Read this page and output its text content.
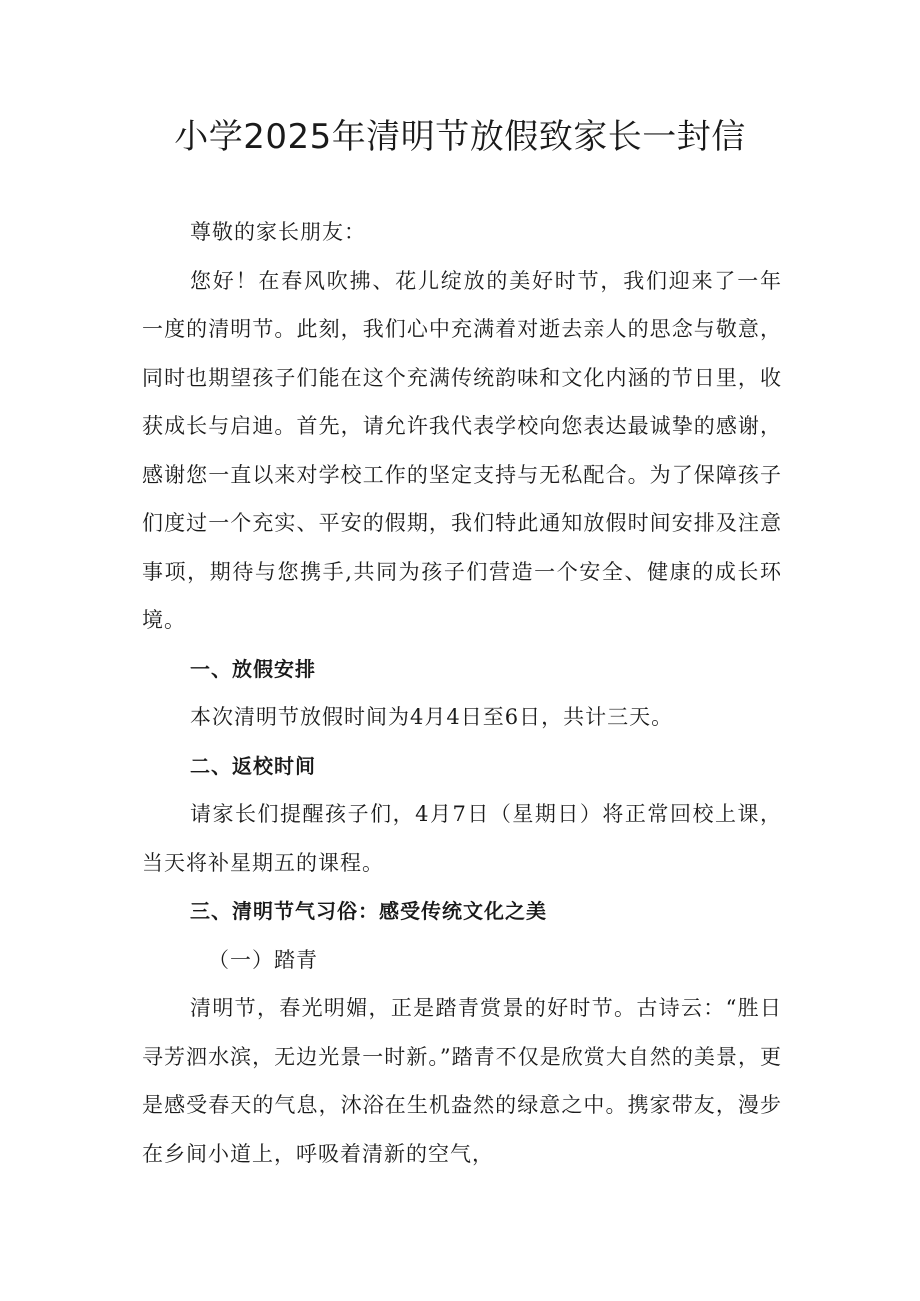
小学2025年清明节放假致家长一封信

尊敬的家长朋友：

您好！在春风吹拂、花儿绽放的美好时节，我们迎来了一年一度的清明节。此刻，我们心中充满着对逝去亲人的思念与敬意，同时也期望孩子们能在这个充满传统韵味和文化内涵的节日里，收获成长与启迪。首先，请允许我代表学校向您表达最诚挚的感谢，感谢您一直以来对学校工作的坚定支持与无私配合。为了保障孩子们度过一个充实、平安的假期，我们特此通知放假时间安排及注意事项，期待与您携手,共同为孩子们营造一个安全、健康的成长环境。

一、放假安排

本次清明节放假时间为4月4日至6日，共计三天。

二、返校时间

请家长们提醒孩子们，4月7日（星期日）将正常回校上课，当天将补星期五的课程。

三、清明节气习俗：感受传统文化之美

（一）踏青

清明节，春光明媚，正是踏青赏景的好时节。古诗云：“胜日寻芳泗水滨，无边光景一时新。”踏青不仅是欣赏大自然的美景，更是感受春天的气息，沐浴在生机盎然的绿意之中。携家带友，漫步在乡间小道上，呼吸着清新的空气，
